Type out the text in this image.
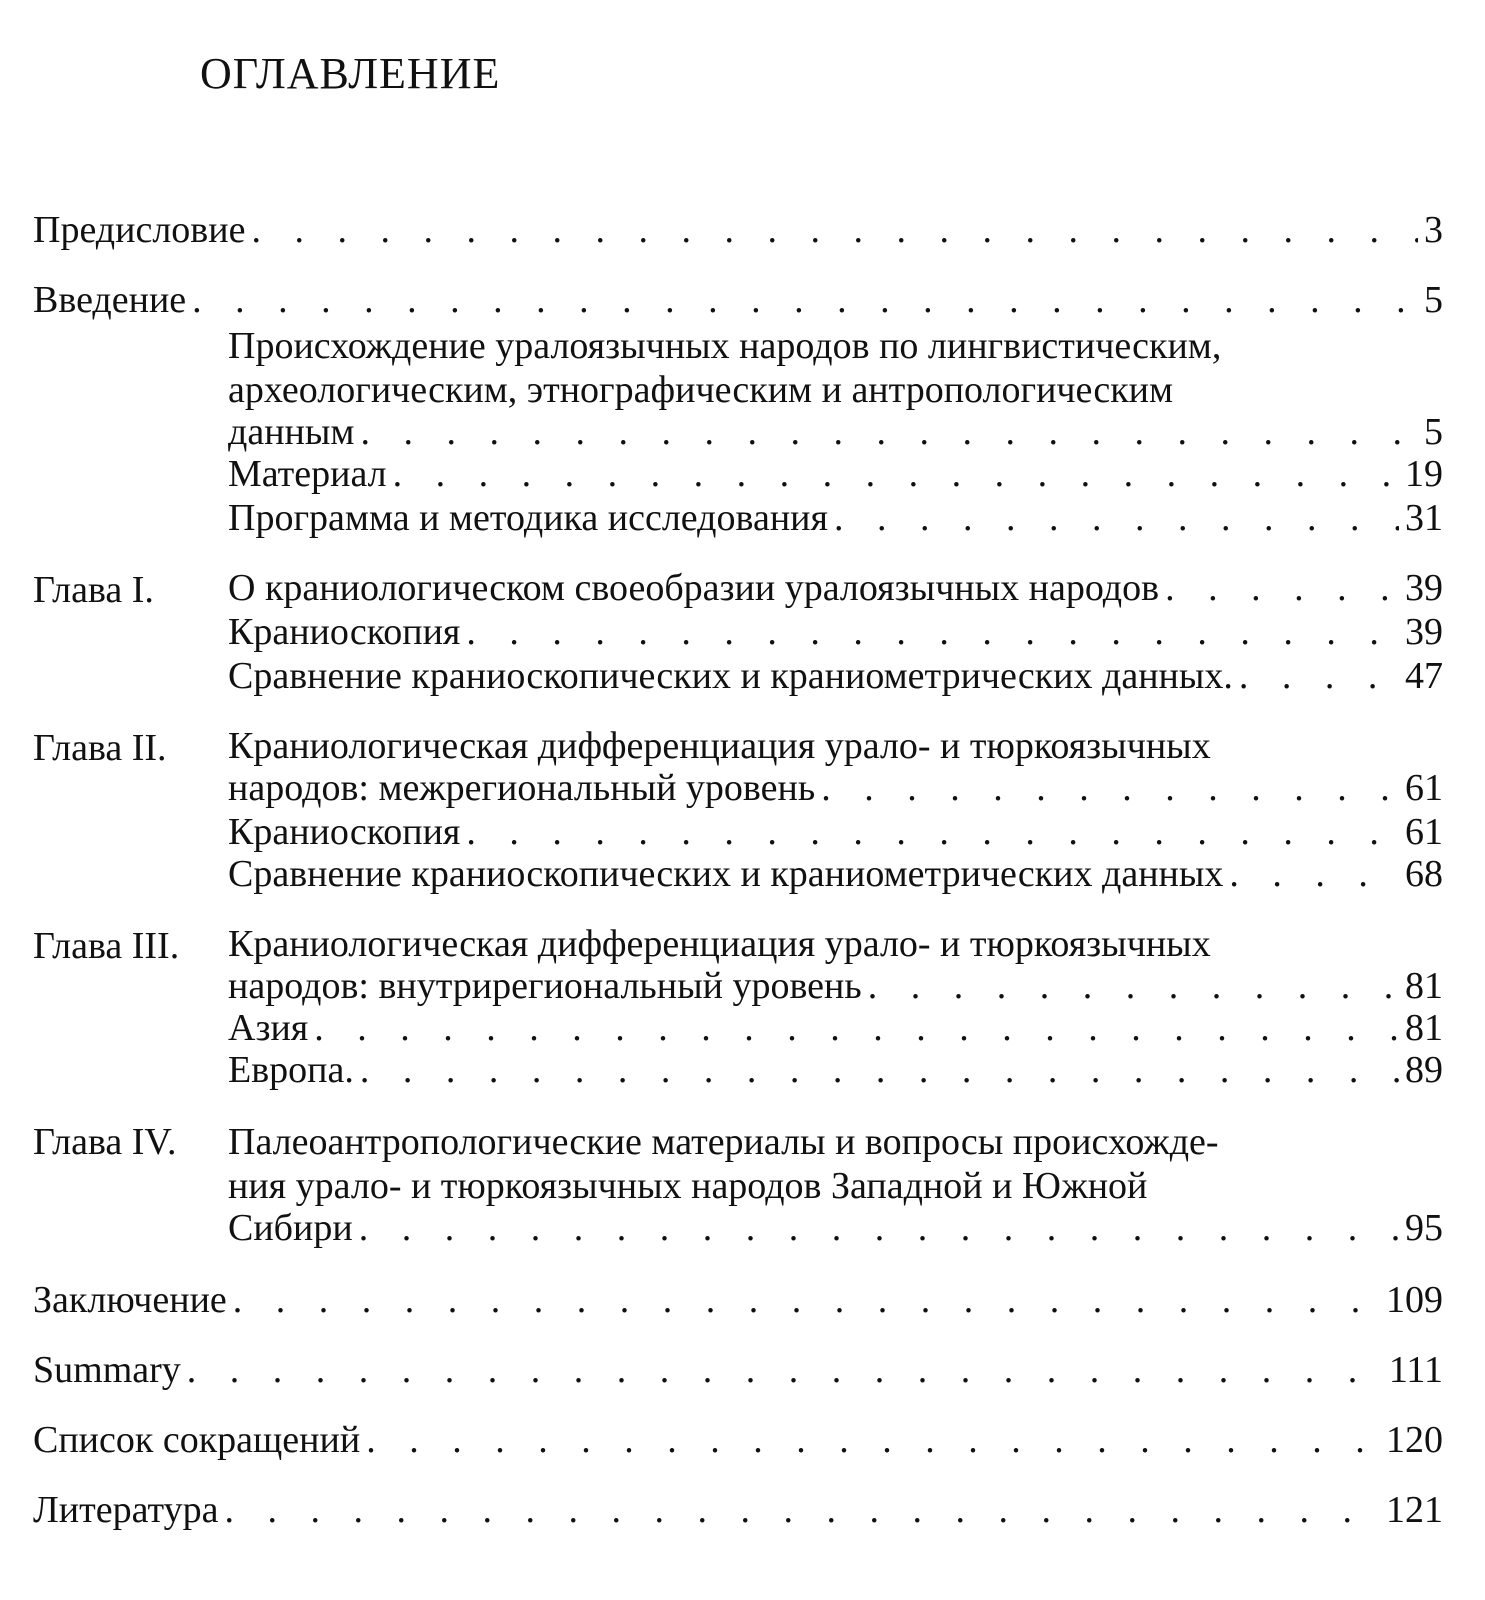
ОГЛАВЛЕНИЕ
Предисловие . . .	3
Введение . . .	5
Происхождение уралоязычных народов по лингвистическим,
археологическим, этнографическим и антропологическим
данным . . .	5
Материал . . .	19
Программа и методика исследования . . .	31
Глава I. О краниологическом своеобразии уралоязычных народов . . .	39
Краниоскопия . . .	39
Сравнение краниоскопических и краниометрических данных. . . .	47
Глава II. Краниологическая дифференциация урало- и тюркоязычных
народов: межрегиональный уровень . . .	61
Краниоскопия . . .	61
Сравнение краниоскопических и краниометрических данных . . .	68
Глава III. Краниологическая дифференциация урало- и тюркоязычных
народов: внутрирегиональный уровень . . .	81
Азия . . .	81
Европа. . . .	89
Глава IV. Палеоантропологические материалы и вопросы происхожде-
ния урало- и тюркоязычных народов Западной и Южной
Сибири . . .	95
Заключение . . .	109
Summary . . .	111
Список сокращений . . .	120
Литература . . .	121
